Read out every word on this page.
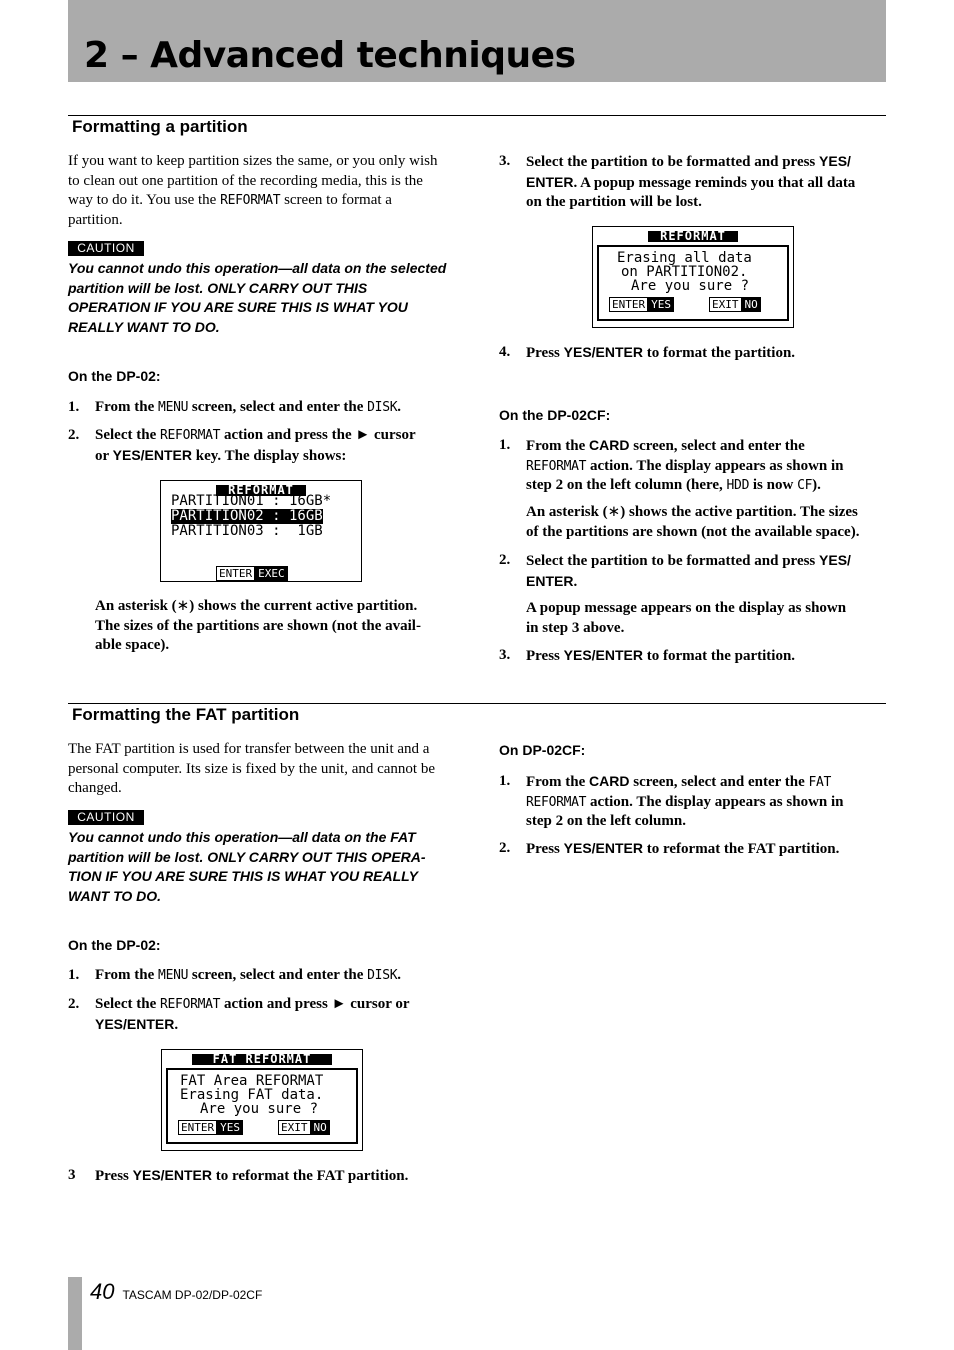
2 – Advanced techniques
Formatting a partition

If you want to keep partition sizes the same, or you only wish to clean out one partition of the recording media, this is the way to do it. You use the REFORMAT screen to format a partition.

CAUTION

You cannot undo this operation—all data on the selected partition will be lost. ONLY CARRY OUT THIS OPERATION IF YOU ARE SURE THIS IS WHAT YOU REALLY WANT TO DO.

On the DP-02:

1. From the MENU screen, select and enter the DISK.
2. Select the REFORMAT action and press the ► cursor
or YES/ENTER key. The display shows:
REFORMAT
PARTITION01 : 16GB*
PARTITION02 : 16GB
PARTITION03 :  1GB
ENTER EXEC
An asterisk (∗) shows the current active partition.
The sizes of the partitions are shown (not the avail-
able space).
3. Select the partition to be formatted and press YES/
ENTER. A popup message reminds you that all data
on the partition will be lost.
REFORMAT
Erasing all data
on PARTITION02.
Are you sure ?
ENTER YES	EXIT NO
4. Press YES/ENTER to format the partition.

On the DP-02CF:

1. From the CARD screen, select and enter the
REFORMAT action. The display appears as shown in
step 2 on the left column (here, HDD is now CF).
An asterisk (∗) shows the active partition. The sizes
of the partitions are shown (not the available space).
2. Select the partition to be formatted and press YES/
ENTER.
A popup message appears on the display as shown
in step 3 above.
3. Press YES/ENTER to format the partition.
Formatting the FAT partition

The FAT partition is used for transfer between the unit and a personal computer. Its size is fixed by the unit, and cannot be changed.

CAUTION

You cannot undo this operation—all data on the FAT partition will be lost. ONLY CARRY OUT THIS OPERA-TION IF YOU ARE SURE THIS IS WHAT YOU REALLY WANT TO DO.

On the DP-02:

1. From the MENU screen, select and enter the DISK.
2. Select the REFORMAT action and press ► cursor or
YES/ENTER.
FAT REFORMAT
FAT Area REFORMAT
Erasing FAT data.
Are you sure ?
ENTER YES	EXIT NO
3 Press YES/ENTER to reformat the FAT partition.

On DP-02CF:

1. From the CARD screen, select and enter the FAT
REFORMAT action. The display appears as shown in
step 2 on the left column.
2. Press YES/ENTER to reformat the FAT partition.
40 TASCAM DP-02/DP-02CF
